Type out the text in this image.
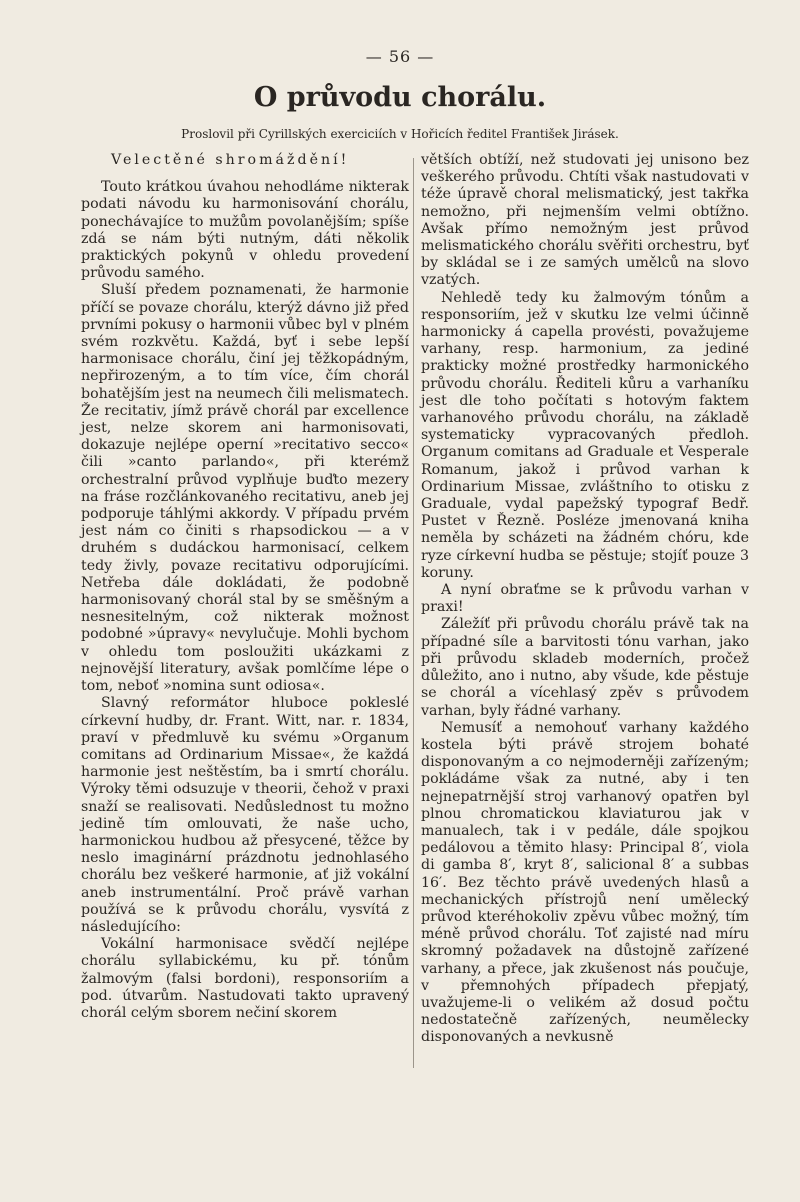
— 56 —
O průvodu chorálu.
Proslovil při Cyrillských exerciciích v Hořicích ředitel František Jirásek.

Velectěné shromáždění!

Touto krátkou úvahou nehodláme nikterak podati návodu ku harmonisování chorálu, ponechávajíce to mužům povolanějším; spíše zdá se nám býti nutným, dáti několik praktických pokynů v ohledu provedení průvodu samého.

Sluší předem poznamenati, že harmonie příčí se povaze chorálu, kterýž dávno již před prvními pokusy o harmonii vůbec byl v plném svém rozkvětu. Každá, byť i sebe lepší harmonisace chorálu, činí jej těžkopádným, nepřirozeným, a to tím více, čím chorál bohatějším jest na neumech čili melismatech. Že recitativ, jímž právě chorál par excellence jest, nelze skorem ani harmonisovati, dokazuje nejlépe operní »recitativo secco« čili »canto parlando«, při kterémž orchestralní průvod vyplňuje buďto mezery na fráse rozčlánkovaného recitativu, aneb jej podporuje táhlými akkordy. V případu prvém jest nám co činiti s rhapsodickou — a v druhém s dudáckou harmonisací, celkem tedy živly, povaze recitativu odporujícími. Netřeba dále dokládati, že podobně harmonisovaný chorál stal by se směšným a nesnesitelným, což nikterak možnost podobné »úpravy« nevylučuje. Mohli bychom v ohledu tom posloužiti ukázkami z nejnovější literatury, avšak pomlčíme lépe o tom, neboť »nomina sunt odiosa«.

Slavný reformátor hluboce pokleslé církevní hudby, dr. Frant. Witt, nar. r. 1834, praví v předmluvě ku svému »Organum comitans ad Ordinarium Missae«, že každá harmonie jest neštěstím, ba i smrtí chorálu. Výroky těmi odsuzuje v theorii, čehož v praxi snaží se realisovati. Nedůslednost tu možno jedině tím omlouvati, že naše ucho, harmonickou hudbou až přesycené, těžce by neslo imaginární prázdnotu jednohlasého chorálu bez veškeré harmonie, ať již vokální aneb instrumentální. Proč právě varhan používá se k průvodu chorálu, vysvítá z následujícího:

Vokální harmonisace svědčí nejlépe chorálu syllabickému, ku př. tónům žalmovým (falsi bordoni), responsoriím a pod. útvarům. Nastudovati takto upravený chorál celým sborem nečiní skorem

větších obtíží, než studovati jej unisono bez veškerého průvodu. Chtíti však nastudovati v téže úpravě choral melismatický, jest takřka nemožno, při nejmenším velmi obtížno. Avšak přímo nemožným jest průvod melismatického chorálu svěřiti orchestru, byť by skládal se i ze samých umělců na slovo vzatých.

Nehledě tedy ku žalmovým tónům a responsoriím, jež v skutku lze velmi účinně harmonicky á capella provésti, považujeme varhany, resp. harmonium, za jediné prakticky možné prostředky harmonického průvodu chorálu. Řediteli kůru a varhaníku jest dle toho počítati s hotovým faktem varhanového průvodu chorálu, na základě systematicky vypracovaných předloh. Organum comitans ad Graduale et Vesperale Romanum, jakož i průvod varhan k Ordinarium Missae, zvláštního to otisku z Graduale, vydal papežský typograf Bedř. Pustet v Řezně. Posléze jmenovaná kniha neměla by scházeti na žádném chóru, kde ryze církevní hudba se pěstuje; stojíť pouze 3 koruny.

A nyní obraťme se k průvodu varhan v praxi!

Záležíť při průvodu chorálu právě tak na případné síle a barvitosti tónu varhan, jako při průvodu skladeb moderních, pročež důležito, ano i nutno, aby všude, kde pěstuje se chorál a vícehlasý zpěv s průvodem varhan, byly řádné varhany.

Nemusíť a nemohouť varhany každého kostela býti právě strojem bohaté disponovaným a co nejmoderněji zařízeným; pokládáme však za nutné, aby i ten nejnepatrnější stroj varhanový opatřen byl plnou chromatickou klaviaturou jak v manualech, tak i v pedále, dále spojkou pedálovou a těmito hlasy: Principal 8′, viola di gamba 8′, kryt 8′, salicional 8′ a subbas 16′. Bez těchto právě uvedených hlasů a mechanických přístrojů není umělecký průvod kteréhokoliv zpěvu vůbec možný, tím méně průvod chorálu. Toť zajisté nad míru skromný požadavek na důstojně zařízené varhany, a přece, jak zkušenost nás poučuje, v přemnohých případech přepjatý, uvažujeme-li o velikém až dosud počtu nedostatečně zařízených, neumělecky disponovaných a nevkusně
